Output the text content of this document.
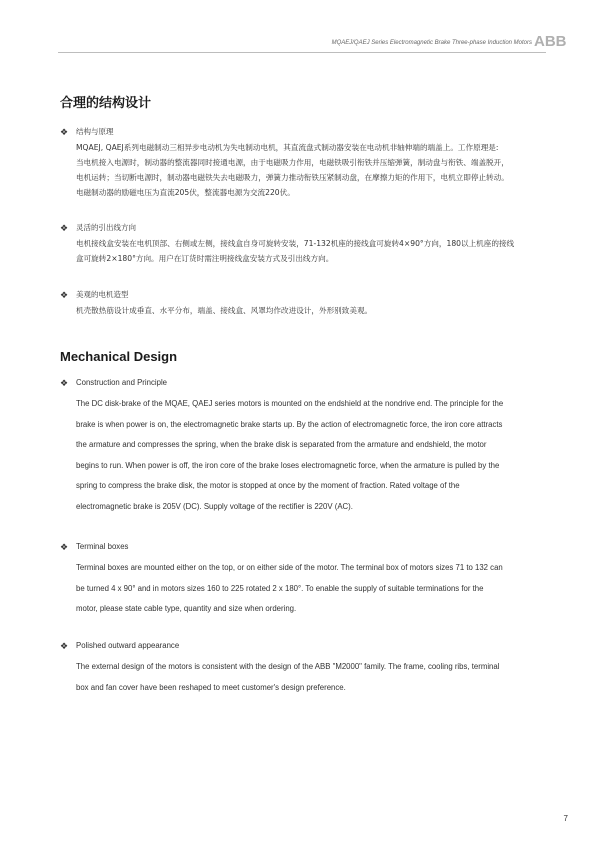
MQAEJ/QAEJ Series Electromagnetic Brake Three-phase Induction Motors ABB
合理的结构设计
❖ 结构与原理
MQAEJ, QAEJ系列电磁制动三相异步电动机为失电制动电机，其直流盘式制动器安装在电动机非轴伸端的端盖上。工作原理是:
当电机接入电源时，制动器的整流器同时接通电源，由于电磁吸力作用，电磁铁吸引衔铁并压缩弹簧，制动盘与衔铁、端盖脱开，
电机运转；当切断电源时，制动器电磁铁失去电磁吸力，弹簧力推动衔铁压紧制动盘，在摩擦力矩的作用下，电机立即停止转动。
电磁制动器的励磁电压为直流205伏，整流器电源为交流220伏。
❖ 灵活的引出线方向
电机接线盒安装在电机顶部、右侧或左侧，接线盒自身可旋转安装，71-132机座的接线盒可旋转4×90°方向，180以上机座的接线
盒可旋转2×180°方向。用户在订货时需注明接线盒安装方式及引出线方向。
❖ 美观的电机造型
机壳散热筋设计成垂直、水平分布，端盖、接线盒、风罩均作改进设计，外形别致美观。
Mechanical Design
❖ Construction and Principle
The DC disk-brake of the MQAE, QAEJ series motors is mounted on the endshield at the nondrive end. The principle for the
brake is when power is on, the electromagnetic brake starts up. By the action of electromagnetic force, the iron core attracts
the armature and compresses the spring, when the brake disk is separated from the armature and endshield, the motor
begins to run. When power is off, the iron core of the brake loses electromagnetic force, when the armature is pulled by the
spring to compress the brake disk, the motor is stopped at once by the moment of fraction. Rated voltage of the
electromagnetic brake is 205V (DC). Supply voltage of the rectifier is 220V (AC).
❖ Terminal boxes
Terminal boxes are mounted either on the top, or on either side of the motor. The terminal box of motors sizes 71 to 132 can
be turned 4 x 90° and in motors sizes 160 to 225 rotated 2 x 180°. To enable the supply of suitable terminations for the
motor, please state cable type, quantity and size when ordering.
❖ Polished outward appearance
The external design of the motors is consistent with the design of the ABB "M2000" family. The frame, cooling ribs, terminal
box and fan cover have been reshaped to meet customer's design preference.
7
